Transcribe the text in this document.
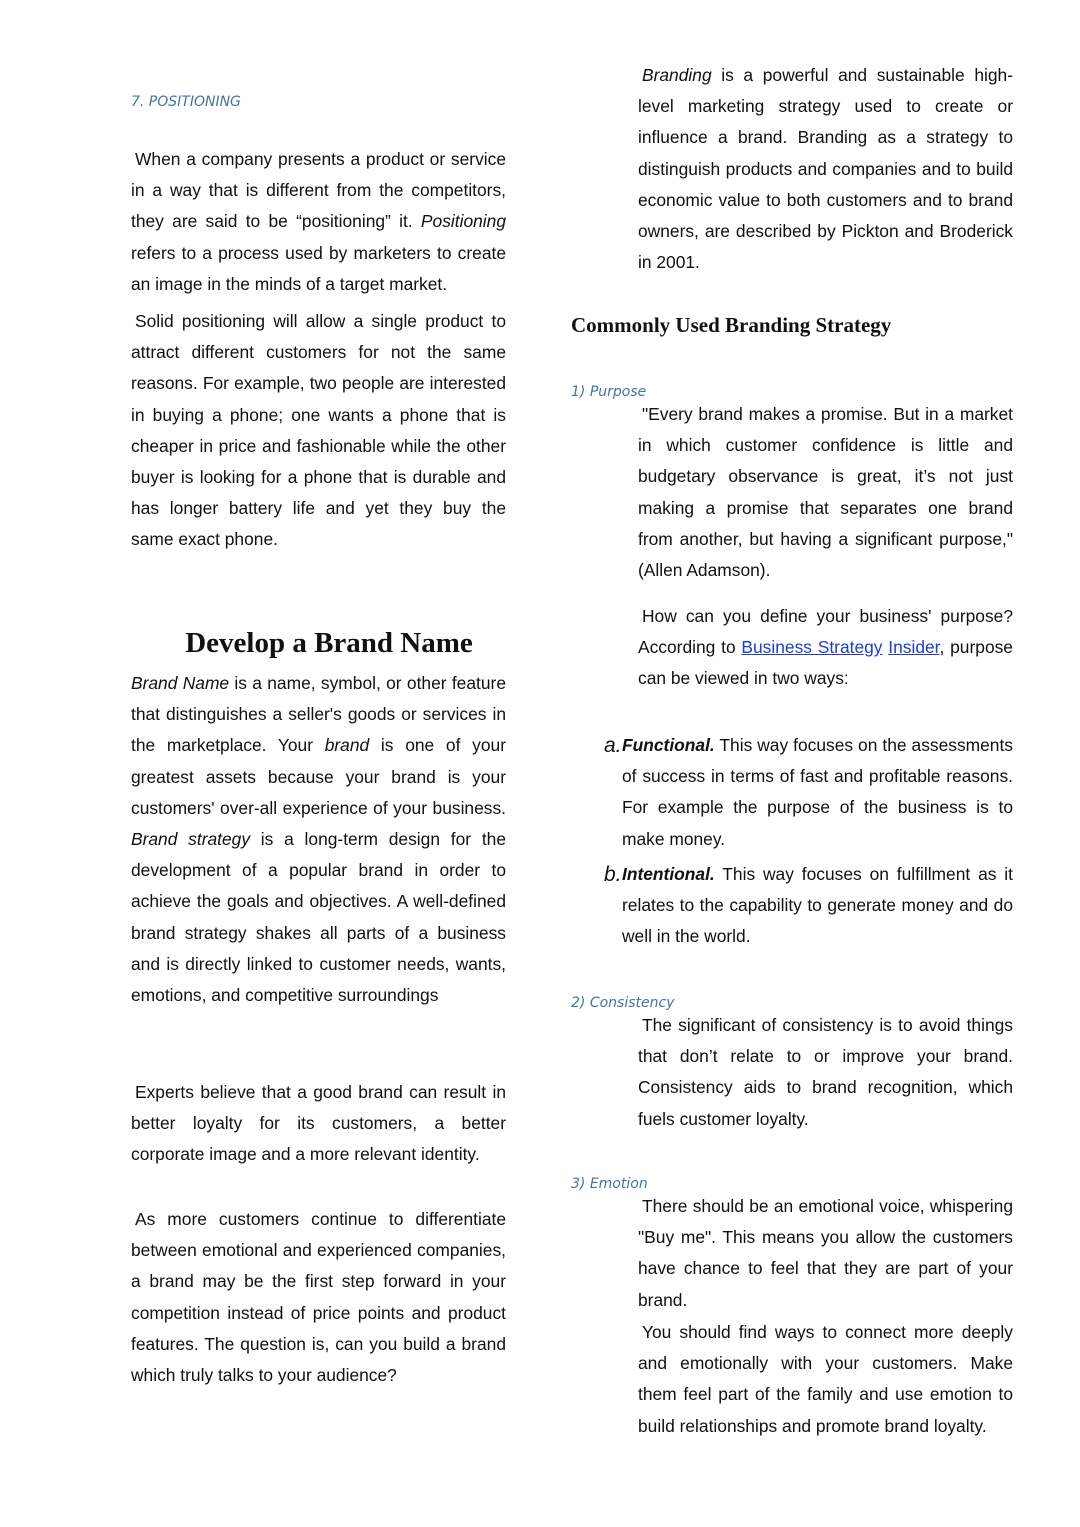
7. POSITIONING

When a company presents a product or service in a way that is different from the competitors, they are said to be “positioning” it. Positioning refers to a process used by marketers to create an image in the minds of a target market.

Solid positioning will allow a single product to attract different customers for not the same reasons. For example, two people are interested in buying a phone; one wants a phone that is cheaper in price and fashionable while the other buyer is looking for a phone that is durable and has longer battery life and yet they buy the same exact phone.

Develop a Brand Name

Brand Name is a name, symbol, or other feature that distinguishes a seller's goods or services in the marketplace. Your brand is one of your greatest assets because your brand is your customers' over-all experience of your business. Brand strategy is a long-term design for the development of a popular brand in order to achieve the goals and objectives. A well-defined brand strategy shakes all parts of a business and is directly linked to customer needs, wants, emotions, and competitive surroundings

Experts believe that a good brand can result in better loyalty for its customers, a better corporate image and a more relevant identity.

As more customers continue to differentiate between emotional and experienced companies, a brand may be the first step forward in your competition instead of price points and product features. The question is, can you build a brand which truly talks to your audience?

Branding is a powerful and sustainable high-level marketing strategy used to create or influence a brand. Branding as a strategy to distinguish products and companies and to build economic value to both customers and to brand owners, are described by Pickton and Broderick in 2001.

Commonly Used Branding Strategy
1) Purpose

"Every brand makes a promise. But in a market in which customer confidence is little and budgetary observance is great, it’s not just making a promise that separates one brand from another, but having a significant purpose," (Allen Adamson).

How can you define your business' purpose? According to Business Strategy Insider, purpose can be viewed in two ways:

a. Functional. This way focuses on the assessments of success in terms of fast and profitable reasons. For example the purpose of the business is to make money.

b. Intentional. This way focuses on fulfillment as it relates to the capability to generate money and do well in the world.

2) Consistency

The significant of consistency is to avoid things that don’t relate to or improve your brand. Consistency aids to brand recognition, which fuels customer loyalty.

3) Emotion

There should be an emotional voice, whispering "Buy me". This means you allow the customers have chance to feel that they are part of your brand.

You should find ways to connect more deeply and emotionally with your customers. Make them feel part of the family and use emotion to build relationships and promote brand loyalty.
